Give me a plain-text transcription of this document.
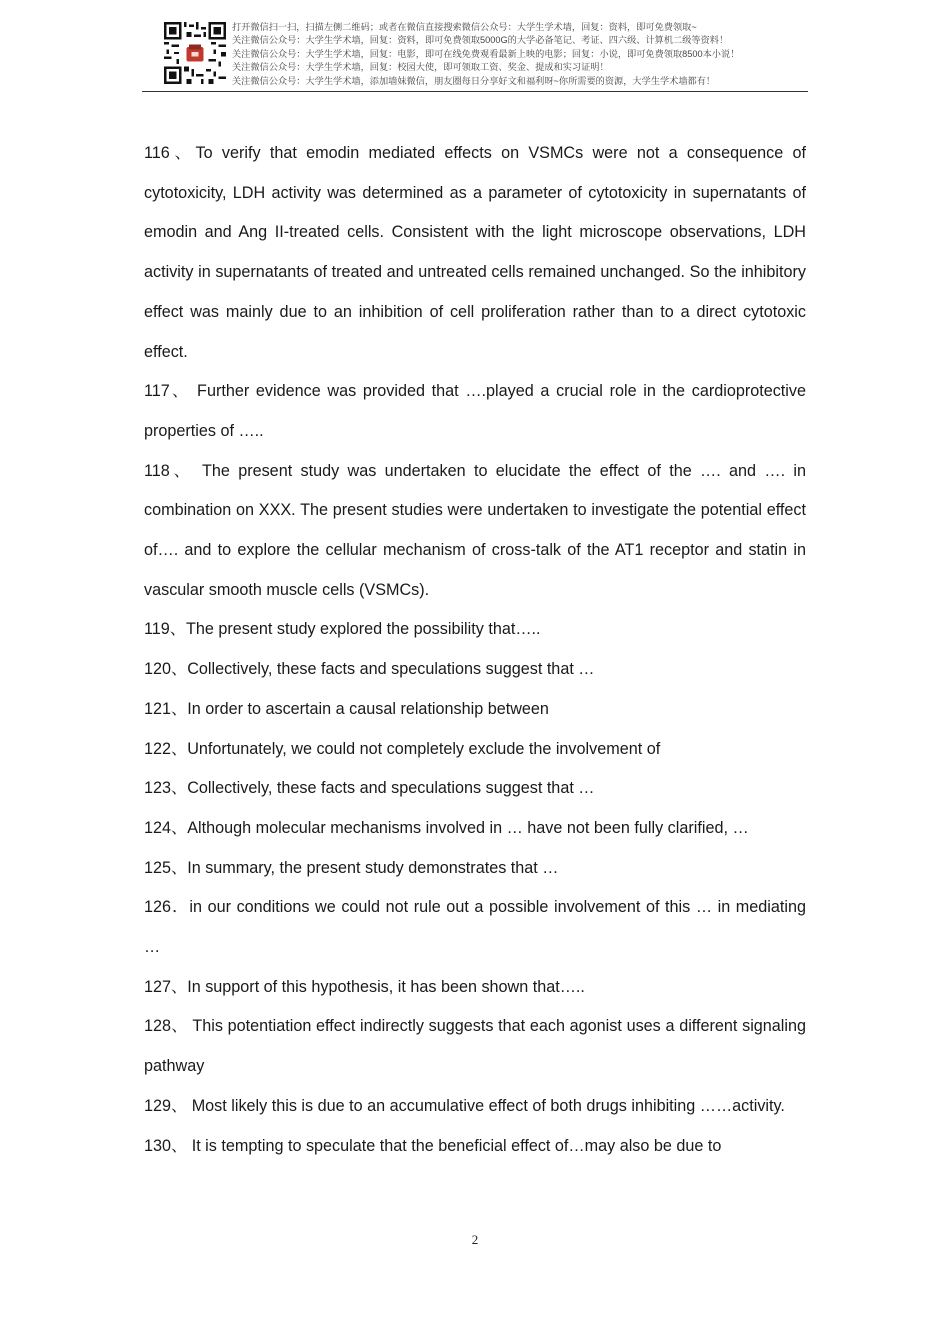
打开微信扫一扫，扫描左侧二维码；或者在微信直接搜索微信公众号：大学生学术墙，回复：资料，即可免费领取~
关注微信公众号：大学生学术墙，回复：资料，即可免费领取5000G的大学必备笔记、考证、四六级、计算机二级等资料！
关注微信公众号：大学生学术墙，回复：电影，即可在线免费观看最新上映的电影；回复：小说，即可免费领取8500本小说！
关注微信公众号：大学生学术墙，回复：校园大使，即可领取工资、奖金、提成和实习证明！
关注微信公众号：大学生学术墙，添加墙妹微信，朋友圈每日分享好文和福利呀~你所需要的资源，大学生学术墙都有！

116、To verify that emodin mediated effects on VSMCs were not a consequence of cytotoxicity, LDH activity was determined as a parameter of cytotoxicity in supernatants of emodin and Ang II-treated cells. Consistent with the light microscope observations, LDH activity in supernatants of treated and untreated cells remained unchanged. So the inhibitory effect was mainly due to an inhibition of cell proliferation rather than to a direct cytotoxic effect.

117、 Further evidence was provided that ….played a crucial role in the cardioprotective properties of …..

118、 The present study was undertaken to elucidate the effect of the …. and …. in combination on XXX. The present studies were undertaken to investigate the potential effect of…. and to explore the cellular mechanism of cross-talk of the AT1 receptor and statin in vascular smooth muscle cells (VSMCs).

119、The present study explored the possibility that…..

120、Collectively, these facts and speculations suggest that …

121、In order to ascertain a causal relationship between

122、Unfortunately, we could not completely exclude the involvement of

123、Collectively, these facts and speculations suggest that …

124、Although molecular mechanisms involved in … have not been fully clarified, …

125、In summary, the present study demonstrates that …

126．in our conditions we could not rule out a possible involvement of this … in mediating …

127、In support of this hypothesis, it has been shown that…..

128、 This potentiation effect indirectly suggests that each agonist uses a different signaling pathway

129、 Most likely this is due to an accumulative effect of both drugs inhibiting ……activity.

130、 It is tempting to speculate that the beneficial effect of…may also be due to

2
